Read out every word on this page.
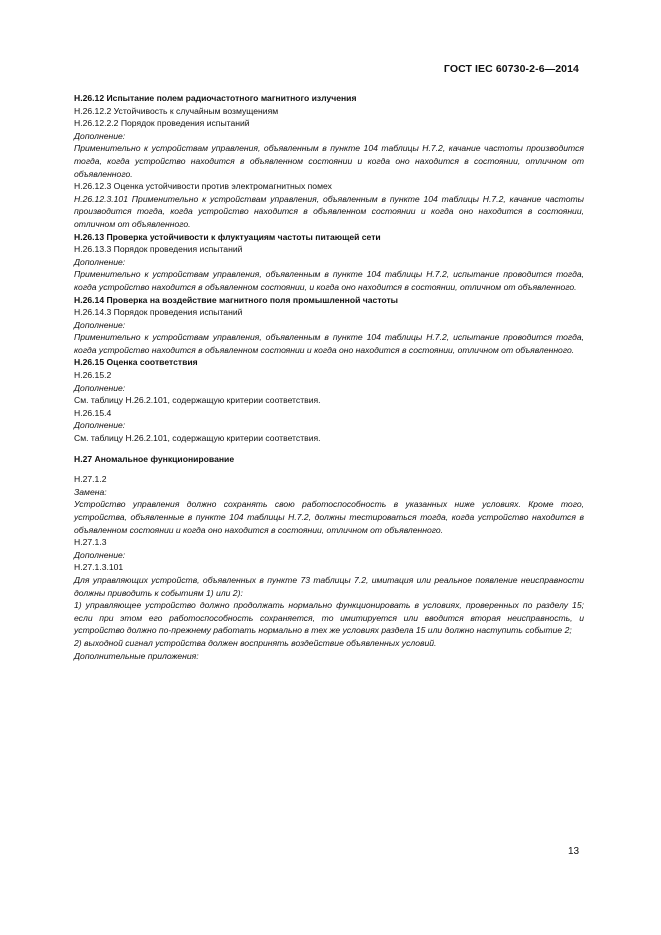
ГОСТ IEC 60730-2-6—2014

H.26.12 Испытание полем радиочастотного магнитного излучения

H.26.12.2 Устойчивость к случайным возмущениям

H.26.12.2.2 Порядок проведения испытаний

Дополнение:

Применительно к устройствам управления, объявленным в пункте 104 таблицы H.7.2, качание частоты производится тогда, когда устройство находится в объявленном состоянии и когда оно находится в состоянии, отличном от объявленного.

H.26.12.3 Оценка устойчивости против электромагнитных помех

H.26.12.3.101 Применительно к устройствам управления, объявленным в пункте 104 таблицы H.7.2, качание частоты производится тогда, когда устройство находится в объявленном состоянии и когда оно находится в состоянии, отличном от объявленного.

H.26.13 Проверка устойчивости к флуктуациям частоты питающей сети

H.26.13.3 Порядок проведения испытаний

Дополнение:

Применительно к устройствам управления, объявленным в пункте 104 таблицы H.7.2, испытание проводится тогда, когда устройство находится в объявленном состоянии, и когда оно находится в состоянии, отличном от объявленного.

H.26.14 Проверка на воздействие магнитного поля промышленной частоты

H.26.14.3 Порядок проведения испытаний

Дополнение:

Применительно к устройствам управления, объявленным в пункте 104 таблицы H.7.2, испытание проводится тогда, когда устройство находится в объявленном состоянии и когда оно находится в состоянии, отличном от объявленного.

H.26.15 Оценка соответствия

H.26.15.2

Дополнение:

См. таблицу H.26.2.101, содержащую критерии соответствия.

H.26.15.4

Дополнение:

См. таблицу H.26.2.101, содержащую критерии соответствия.

H.27 Аномальное функционирование

H.27.1.2

Замена:

Устройство управления должно сохранять свою работоспособность в указанных ниже условиях. Кроме того, устройства, объявленные в пункте 104 таблицы H.7.2, должны тестироваться тогда, когда устройство находится в объявленном состоянии и когда оно находится в состоянии, отличном от объявленного.

H.27.1.3

Дополнение:

H.27.1.3.101

Для управляющих устройств, объявленных в пункте 73 таблицы 7.2, имитация или реальное появление неисправности должны приводить к событиям 1) или 2):

1) управляющее устройство должно продолжать нормально функционировать в условиях, проверенных по разделу 15; если при этом его работоспособность сохраняется, то имитируется или вводится вторая неисправность, и устройство должно по-прежнему работать нормально в тех же условиях раздела 15 или должно наступить событие 2;

2) выходной сигнал устройства должен воспринять воздействие объявленных условий.

Дополнительные приложения:

13
